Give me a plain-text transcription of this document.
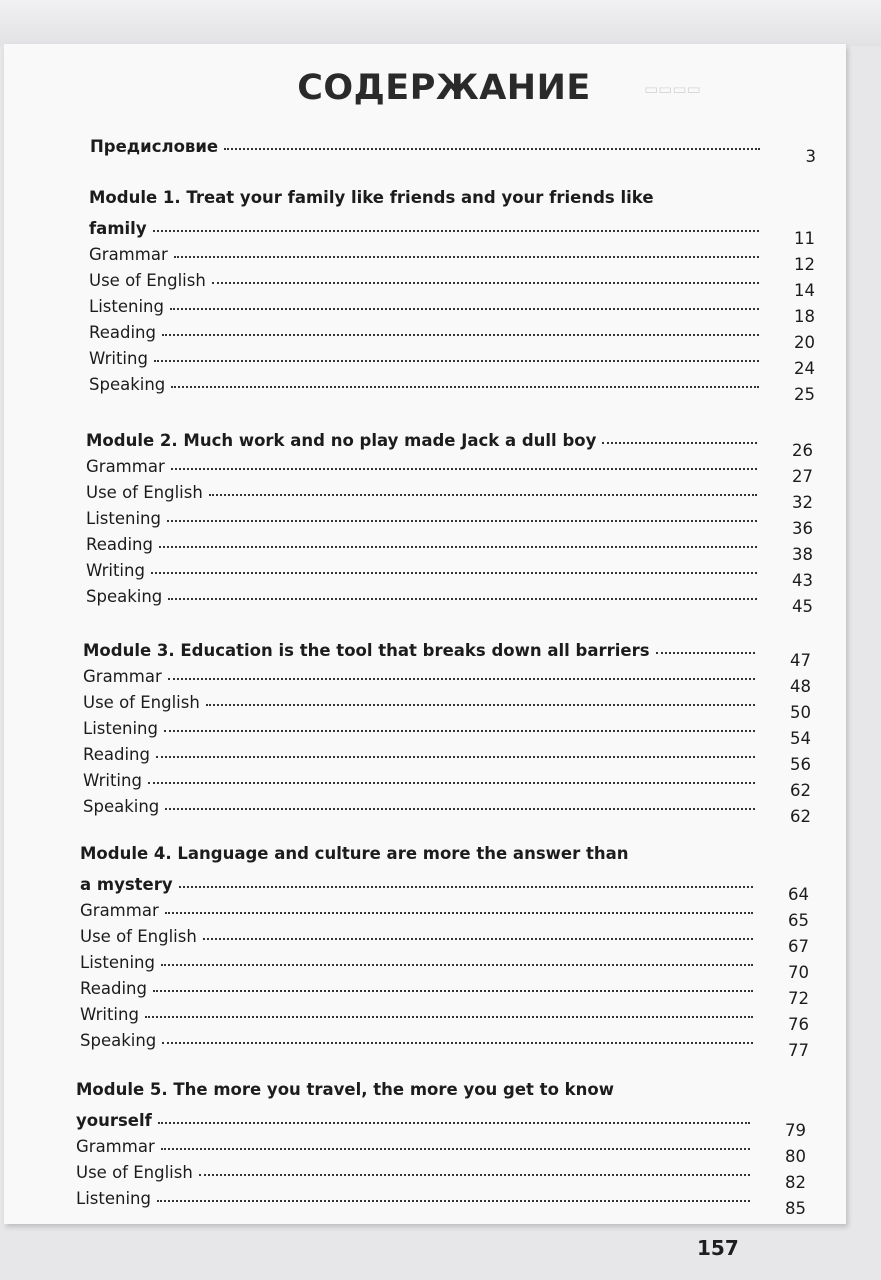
▭▭▭▭
СОДЕРЖАНИЕ
Предисловие
3
Module 1. Treat your family like friends and your friends like
family
11
Grammar
12
Use of English
14
Listening
18
Reading
20
Writing
24
Speaking
25
Module 2. Much work and no play made Jack a dull boy
26
Grammar
27
Use of English
32
Listening
36
Reading
38
Writing
43
Speaking
45
Module 3. Education is the tool that breaks down all barriers
47
Grammar
48
Use of English
50
Listening
54
Reading
56
Writing
62
Speaking
62
Module 4. Language and culture are more the answer than
a mystery
64
Grammar
65
Use of English
67
Listening
70
Reading
72
Writing
76
Speaking
77
Module 5. The more you travel, the more you get to know
yourself
79
Grammar
80
Use of English
82
Listening
85
157
